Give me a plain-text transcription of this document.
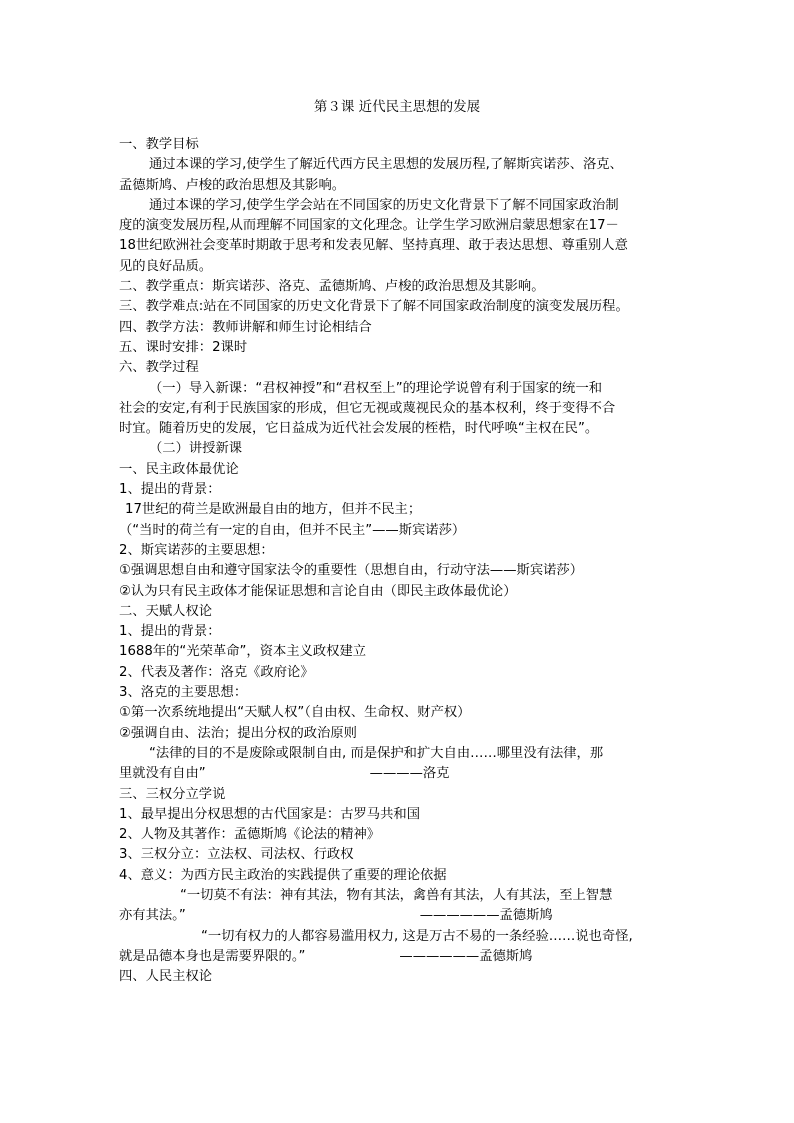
第３课 近代民主思想的发展
一、教学目标
通过本课的学习,使学生了解近代西方民主思想的发展历程,了解斯宾诺莎、洛克、
孟德斯鸠、卢梭的政治思想及其影响。
通过本课的学习,使学生学会站在不同国家的历史文化背景下了解不同国家政治制
度的演变发展历程,从而理解不同国家的文化理念。让学生学习欧洲启蒙思想家在17－
18世纪欧洲社会变革时期敢于思考和发表见解、坚持真理、敢于表达思想、尊重别人意
见的良好品质。
二、教学重点：斯宾诺莎、洛克、孟德斯鸠、卢梭的政治思想及其影响。
三、教学难点:站在不同国家的历史文化背景下了解不同国家政治制度的演变发展历程。
四、教学方法：教师讲解和师生讨论相结合
五、课时安排：2课时
六、教学过程
（一）导入新课：“君权神授”和“君权至上”的理论学说曾有利于国家的统一和
社会的安定,有利于民族国家的形成，但它无视或蔑视民众的基本权利，终于变得不合
时宜。随着历史的发展，它日益成为近代社会发展的桎梏，时代呼唤“主权在民”。
（二）讲授新课
一、民主政体最优论
1、提出的背景：
17世纪的荷兰是欧洲最自由的地方，但并不民主；
（“当时的荷兰有一定的自由，但并不民主”——斯宾诺莎）
2、斯宾诺莎的主要思想：
①强调思想自由和遵守国家法令的重要性（思想自由，行动守法——斯宾诺莎）
②认为只有民主政体才能保证思想和言论自由（即民主政体最优论）
二、天赋人权论
1、提出的背景：
1688年的“光荣革命”，资本主义政权建立
2、代表及著作：洛克《政府论》
3、洛克的主要思想：
①第一次系统地提出“天赋人权”（自由权、生命权、财产权）
②强调自由、法治；提出分权的政治原则
“法律的目的不是废除或限制自由, 而是保护和扩大自由……哪里没有法律，那
里就没有自由”	————洛克
三、三权分立学说
1、最早提出分权思想的古代国家是：古罗马共和国
2、人物及其著作：孟德斯鸠《论法的精神》
3、三权分立：立法权、司法权、行政权
4、意义：为西方民主政治的实践提供了重要的理论依据
“一切莫不有法：神有其法，物有其法，禽兽有其法，人有其法，至上智慧
亦有其法。”	——————孟德斯鸠
“一切有权力的人都容易滥用权力, 这是万古不易的一条经验……说也奇怪,
就是品德本身也是需要界限的。”	——————孟德斯鸠
四、人民主权论
